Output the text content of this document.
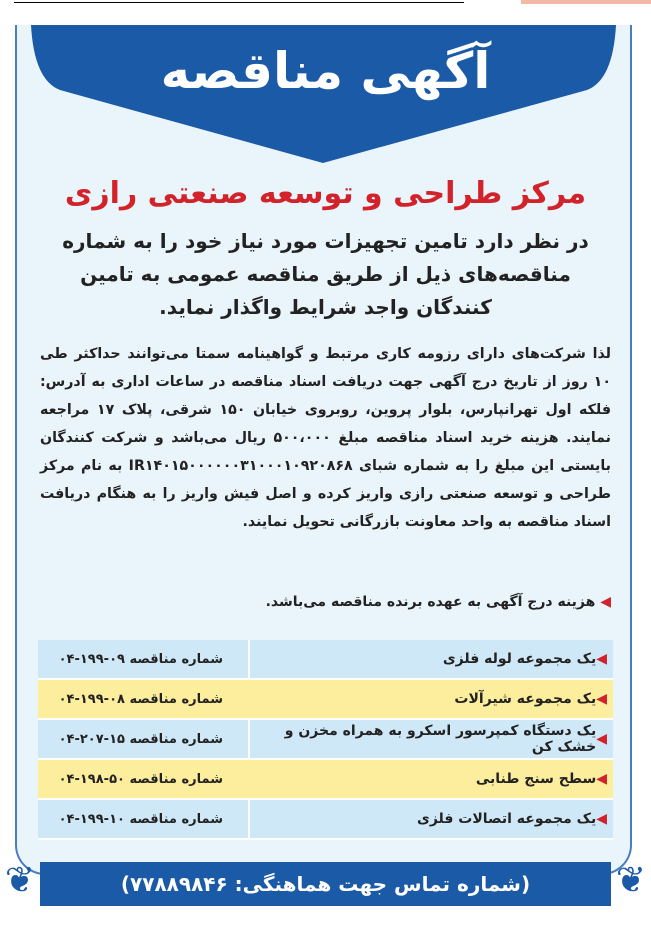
آگهی مناقصه
مرکز طراحی و توسعه صنعتی رازی
در نظر دارد تامین تجهیزات مورد نیاز خود را به شماره مناقصه‌های ذیل از طریق مناقصه عمومی به تامین کنندگان واجد شرایط واگذار نماید.
لذا شرکت‌های دارای رزومه کاری مرتبط و گواهینامه سمتا می‌توانند حداکثر طی ۱۰ روز از تاریخ درج آگهی جهت دریافت اسناد مناقصه در ساعات اداری به آدرس: فلکه اول تهرانپارس، بلوار پروین، روبروی خیابان ۱۵۰ شرقی، پلاک ۱۷ مراجعه نمایند. هزینه خرید اسناد مناقصه مبلغ ۵۰۰،۰۰۰ ریال می‌باشد و شرکت کنندگان بایستی این مبلغ را به شماره شبای IR۱۴۰۱۵۰۰۰۰۰۰۳۱۰۰۰۱۰۹۲۰۸۶۸ به نام مرکز طراحی و توسعه صنعتی رازی واریز کرده و اصل فیش واریز را به هنگام دریافت اسناد مناقصه به واحد معاونت بازرگانی تحویل نمایند.
◀ هزینه درج آگهی به عهده برنده مناقصه می‌باشد.
◀
یک مجموعه لوله فلزی
شماره مناقصه ۰۹-۱۹۹-۰۴
◀
یک مجموعه شیرآلات
شماره مناقصه ۰۸-۱۹۹-۰۴
◀
یک دستگاه کمپرسور اسکرو به همراه مخزن و خشک کن
شماره مناقصه ۱۵-۲۰۷-۰۴
◀
سطح سنج طنابی
شماره مناقصه ۵۰-۱۹۸-۰۴
◀
یک مجموعه اتصالات فلزی
شماره مناقصه ۱۰-۱۹۹-۰۴
(شماره تماس جهت هماهنگی: ۷۷۸۸۹۸۴۶)
❦	❦
